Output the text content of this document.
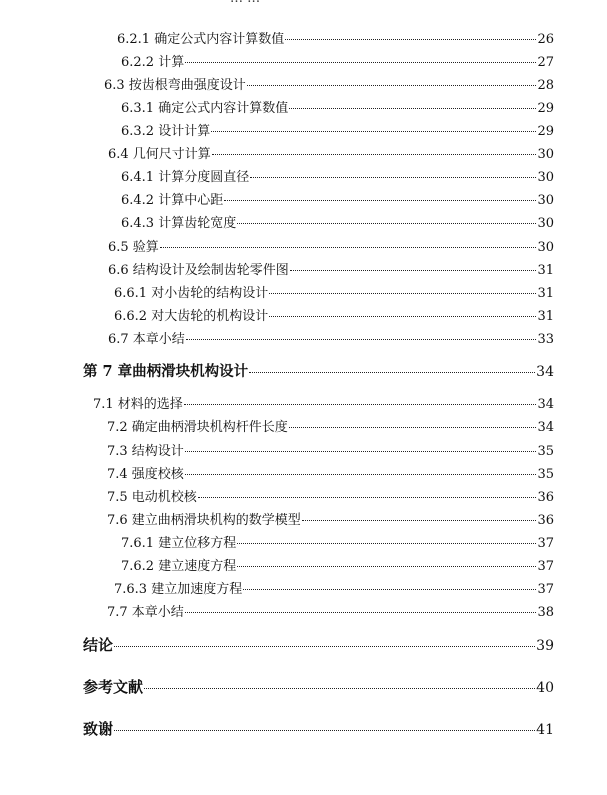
6.2.1 确定公式内容计算数值	26
6.2.2 计算	27
6.3 按齿根弯曲强度设计	28
6.3.1 确定公式内容计算数值	29
6.3.2 设计计算	29
6.4 几何尺寸计算	30
6.4.1 计算分度圆直径	30
6.4.2 计算中心距	30
6.4.3 计算齿轮宽度	30
6.5 验算	30
6.6 结构设计及绘制齿轮零件图	31
6.6.1 对小齿轮的结构设计	31
6.6.2 对大齿轮的机构设计	31
6.7 本章小结	33
第 7 章曲柄滑块机构设计	34
7.1 材料的选择	34
7.2 确定曲柄滑块机构杆件长度	34
7.3 结构设计	35
7.4 强度校核	35
7.5 电动机校核	36
7.6 建立曲柄滑块机构的数学模型	36
7.6.1 建立位移方程	37
7.6.2 建立速度方程	37
7.6.3 建立加速度方程	37
7.7 本章小结	38
结论	39
参考文献	40
致谢	41
